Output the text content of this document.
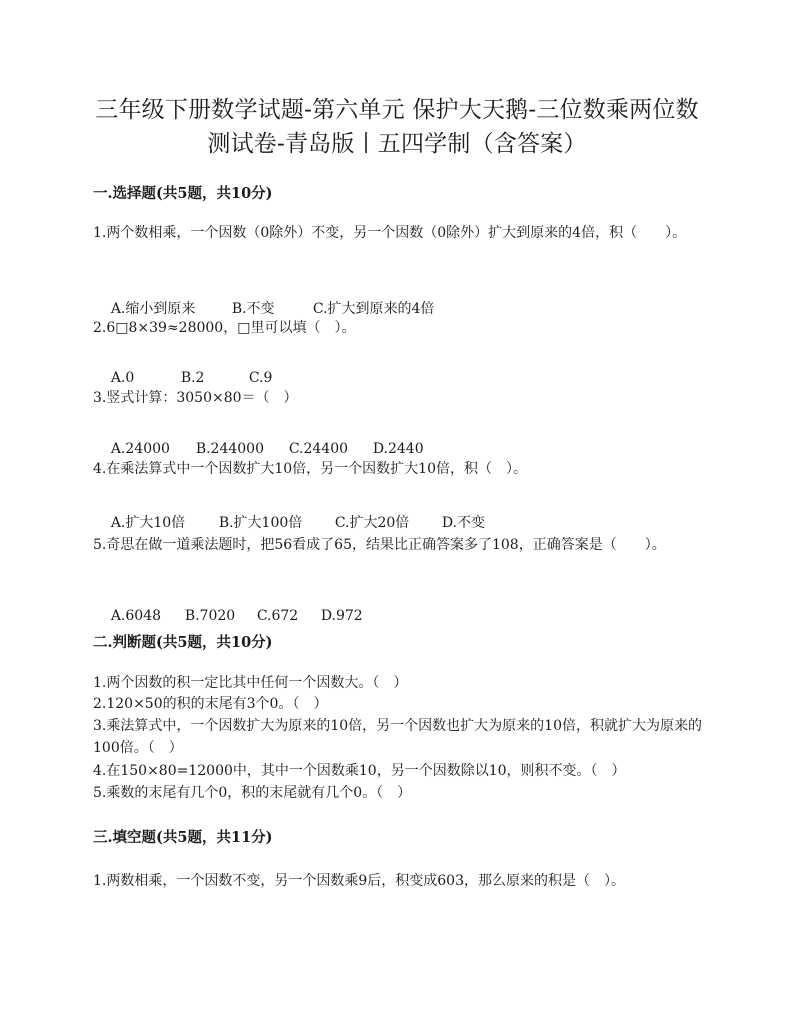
三年级下册数学试题-第六单元 保护大天鹅-三位数乘两位数
测试卷-青岛版丨五四学制（含答案）
一.选择题(共5题，共10分)
1.两个数相乘，一个因数（0除外）不变，另一个因数（0除外）扩大到原来的4倍，积（　　）。

A.缩小到原来	B.不变	C.扩大到原来的4倍

2.6□8×39≈28000，□里可以填（　）。

A.0	B.2	C.9

3.竖式计算：3050×80＝（　）

A.24000 B.244000 C.24400 D.2440

4.在乘法算式中一个因数扩大10倍，另一个因数扩大10倍，积（　）。

A.扩大10倍 B.扩大100倍 C.扩大20倍 D.不变

5.奇思在做一道乘法题时，把56看成了65，结果比正确答案多了108，正确答案是（　　）。

A.6048 B.7020 C.672 D.972

二.判断题(共5题，共10分)
1.两个因数的积一定比其中任何一个因数大。（　）
2.120×50的积的末尾有3个0。（　）
3.乘法算式中，一个因数扩大为原来的10倍，另一个因数也扩大为原来的10倍，积就扩大为原来的100倍。（　）
4.在150×80=12000中，其中一个因数乘10，另一个因数除以10，则积不变。（　）
5.乘数的末尾有几个0，积的末尾就有几个0。（　）
三.填空题(共5题，共11分)
1.两数相乘，一个因数不变，另一个因数乘9后，积变成603，那么原来的积是（　）。
